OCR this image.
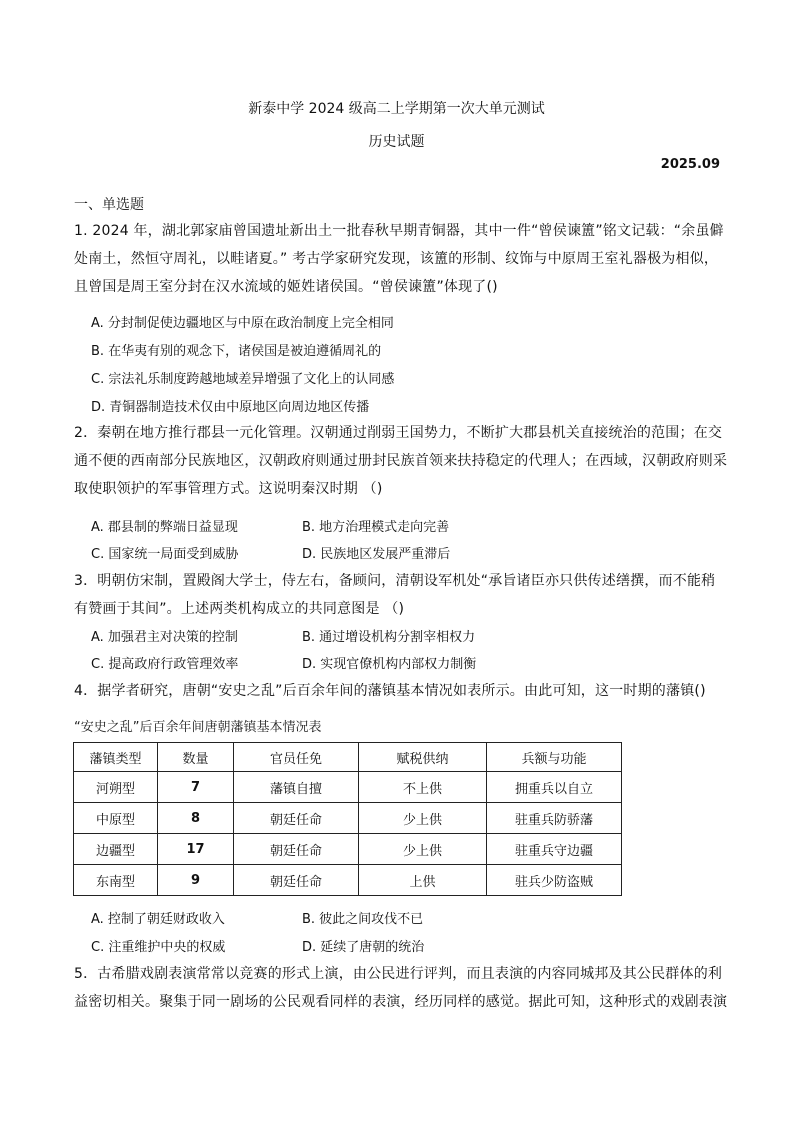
新泰中学 2024 级高二上学期第一次大单元测试
历史试题
2025.09
一、单选题
1. 2024 年，湖北郭家庙曾国遗址新出土一批春秋早期青铜器，其中一件“曾侯谏簠”铭文记载：“余虽僻
处南土，然恒守周礼，以畦诸夏。” 考古学家研究发现，该簠的形制、纹饰与中原周王室礼器极为相似，
且曾国是周王室分封在汉水流域的姬姓诸侯国。“曾侯谏簠”体现了()
A. 分封制促使边疆地区与中原在政治制度上完全相同
B. 在华夷有别的观念下，诸侯国是被迫遵循周礼的
C. 宗法礼乐制度跨越地域差异增强了文化上的认同感
D. 青铜器制造技术仅由中原地区向周边地区传播
2．秦朝在地方推行郡县一元化管理。汉朝通过削弱王国势力，不断扩大郡县机关直接统治的范围；在交
通不便的西南部分民族地区，汉朝政府则通过册封民族首领来扶持稳定的代理人；在西域，汉朝政府则采
取使职领护的军事管理方式。这说明秦汉时期 （)
A. 郡县制的弊端日益显现	B. 地方治理模式走向完善
C. 国家统一局面受到威胁	D. 民族地区发展严重滞后
3．明朝仿宋制，置殿阁大学士，侍左右，备顾问，清朝设军机处“承旨诸臣亦只供传述缮撰，而不能稍
有赞画于其间”。上述两类机构成立的共同意图是 （)
A. 加强君主对决策的控制	B. 通过增设机构分割宰相权力
C. 提高政府行政管理效率	D. 实现官僚机构内部权力制衡
4．据学者研究，唐朝“安史之乱”后百余年间的藩镇基本情况如表所示。由此可知，这一时期的藩镇()
“安史之乱”后百余年间唐朝藩镇基本情况表
藩镇类型	数量	官员任免	赋税供纳	兵额与功能
河朔型	7	藩镇自擅	不上供	拥重兵以自立
中原型	8	朝廷任命	少上供	驻重兵防骄藩
边疆型	17	朝廷任命	少上供	驻重兵守边疆
东南型	9	朝廷任命	上供	驻兵少防盗贼
A. 控制了朝廷财政收入	B. 彼此之间攻伐不已
C. 注重维护中央的权威	D. 延续了唐朝的统治
5．古希腊戏剧表演常常以竞赛的形式上演，由公民进行评判，而且表演的内容同城邦及其公民群体的利
益密切相关。聚集于同一剧场的公民观看同样的表演，经历同样的感觉。据此可知，这种形式的戏剧表演
